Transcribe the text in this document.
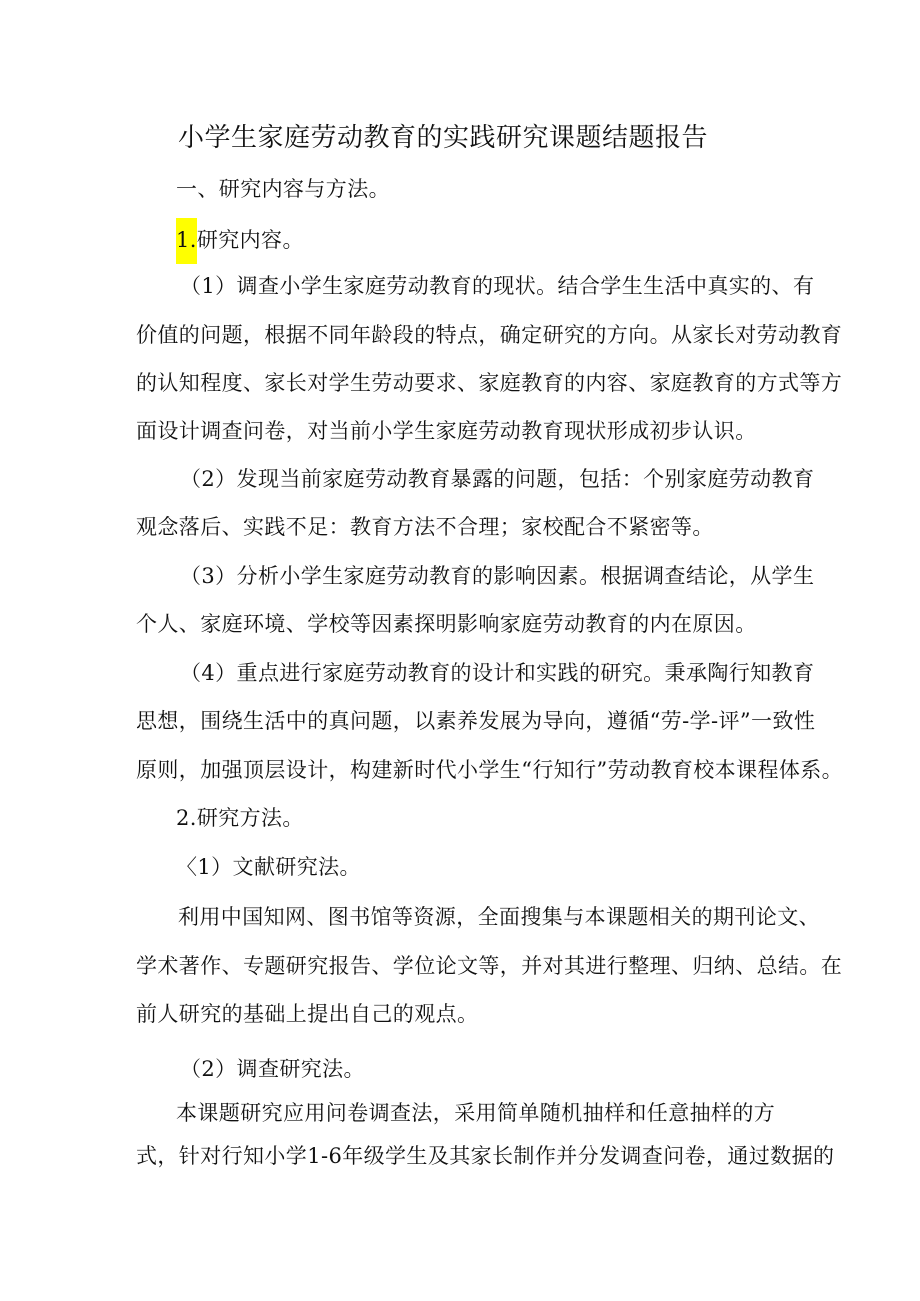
小学生家庭劳动教育的实践研究课题结题报告
一、研究内容与方法。
1.研究内容。
（1）调查小学生家庭劳动教育的现状。结合学生生活中真实的、有
价值的问题，根据不同年龄段的特点，确定研究的方向。从家长对劳动教育
的认知程度、家长对学生劳动要求、家庭教育的内容、家庭教育的方式等方
面设计调查问卷，对当前小学生家庭劳动教育现状形成初步认识。
（2）发现当前家庭劳动教育暴露的问题，包括：个别家庭劳动教育
观念落后、实践不足：教育方法不合理；家校配合不紧密等。
（3）分析小学生家庭劳动教育的影响因素。根据调查结论，从学生
个人、家庭环境、学校等因素探明影响家庭劳动教育的内在原因。
（4）重点进行家庭劳动教育的设计和实践的研究。秉承陶行知教育
思想，围绕生活中的真问题，以素养发展为导向，遵循“劳-学-评”一致性
原则，加强顶层设计，构建新时代小学生“行知行”劳动教育校本课程体系。
2.研究方法。
〈1）文献研究法。
利用中国知网、图书馆等资源，全面搜集与本课题相关的期刊论文、
学术著作、专题研究报告、学位论文等，并对其进行整理、归纳、总结。在
前人研究的基础上提出自己的观点。
（2）调查研究法。
本课题研究应用问卷调查法，采用简单随机抽样和任意抽样的方
式，针对行知小学1-6年级学生及其家长制作并分发调查问卷，通过数据的
